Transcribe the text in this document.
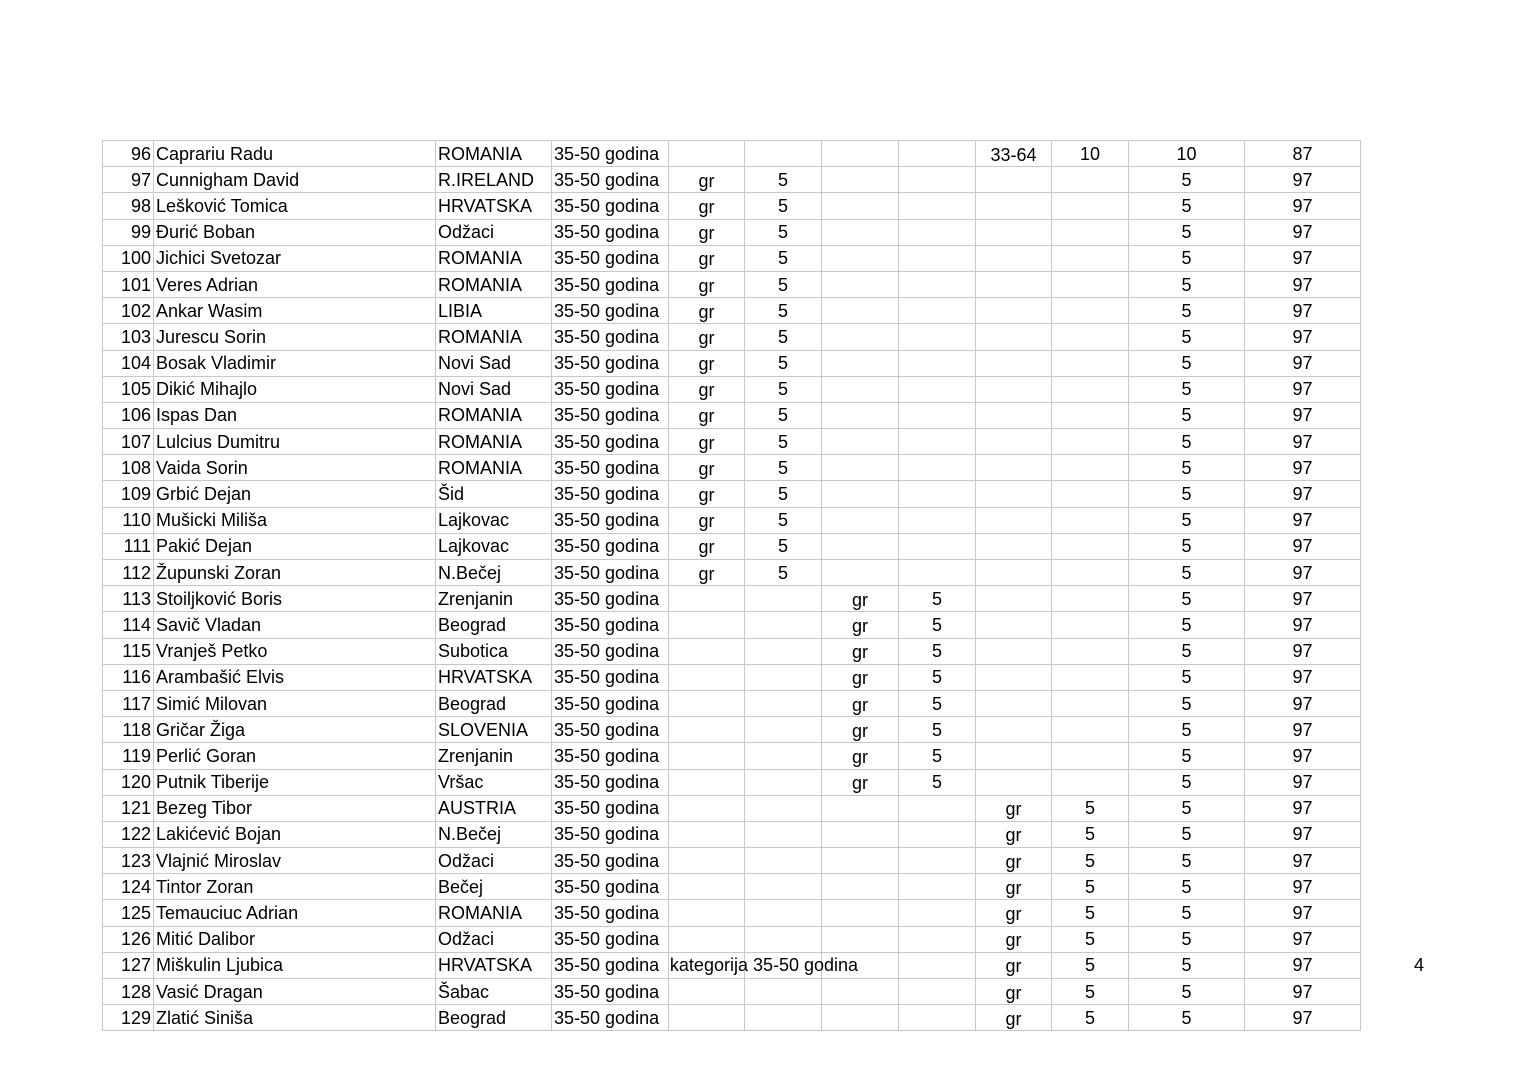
96	Caprariu Radu	ROMANIA	35-50 godina					33-64	10	10	87
97	Cunnigham David	R.IRELAND	35-50 godina	gr	5					5	97
98	Lešković Tomica	HRVATSKA	35-50 godina	gr	5					5	97
99	Đurić Boban	Odžaci	35-50 godina	gr	5					5	97
100	Jichici Svetozar	ROMANIA	35-50 godina	gr	5					5	97
101	Veres Adrian	ROMANIA	35-50 godina	gr	5					5	97
102	Ankar Wasim	LIBIA	35-50 godina	gr	5					5	97
103	Jurescu Sorin	ROMANIA	35-50 godina	gr	5					5	97
104	Bosak Vladimir	Novi Sad	35-50 godina	gr	5					5	97
105	Dikić Mihajlo	Novi Sad	35-50 godina	gr	5					5	97
106	Ispas Dan	ROMANIA	35-50 godina	gr	5					5	97
107	Lulcius Dumitru	ROMANIA	35-50 godina	gr	5					5	97
108	Vaida Sorin	ROMANIA	35-50 godina	gr	5					5	97
109	Grbić Dejan	Šid	35-50 godina	gr	5					5	97
110	Mušicki Miliša	Lajkovac	35-50 godina	gr	5					5	97
111	Pakić Dejan	Lajkovac	35-50 godina	gr	5					5	97
112	Župunski Zoran	N.Bečej	35-50 godina	gr	5					5	97
113	Stoiljković Boris	Zrenjanin	35-50 godina			gr	5			5	97
114	Savič Vladan	Beograd	35-50 godina			gr	5			5	97
115	Vranješ Petko	Subotica	35-50 godina			gr	5			5	97
116	Arambašić Elvis	HRVATSKA	35-50 godina			gr	5			5	97
117	Simić Milovan	Beograd	35-50 godina			gr	5			5	97
118	Gričar Žiga	SLOVENIA	35-50 godina			gr	5			5	97
119	Perlić Goran	Zrenjanin	35-50 godina			gr	5			5	97
120	Putnik Tiberije	Vršac	35-50 godina			gr	5			5	97
121	Bezeg Tibor	AUSTRIA	35-50 godina					gr	5	5	97
122	Lakićević Bojan	N.Bečej	35-50 godina					gr	5	5	97
123	Vlajnić Miroslav	Odžaci	35-50 godina					gr	5	5	97
124	Tintor Zoran	Bečej	35-50 godina					gr	5	5	97
125	Temauciuc Adrian	ROMANIA	35-50 godina					gr	5	5	97
126	Mitić Dalibor	Odžaci	35-50 godina					gr	5	5	97
127	Miškulin Ljubica	HRVATSKA	35-50 godina					gr	5	5	97
128	Vasić Dragan	Šabac	35-50 godina					gr	5	5	97
129	Zlatić Siniša	Beograd	35-50 godina					gr	5	5	97
kategorija 35-50 godina	4
